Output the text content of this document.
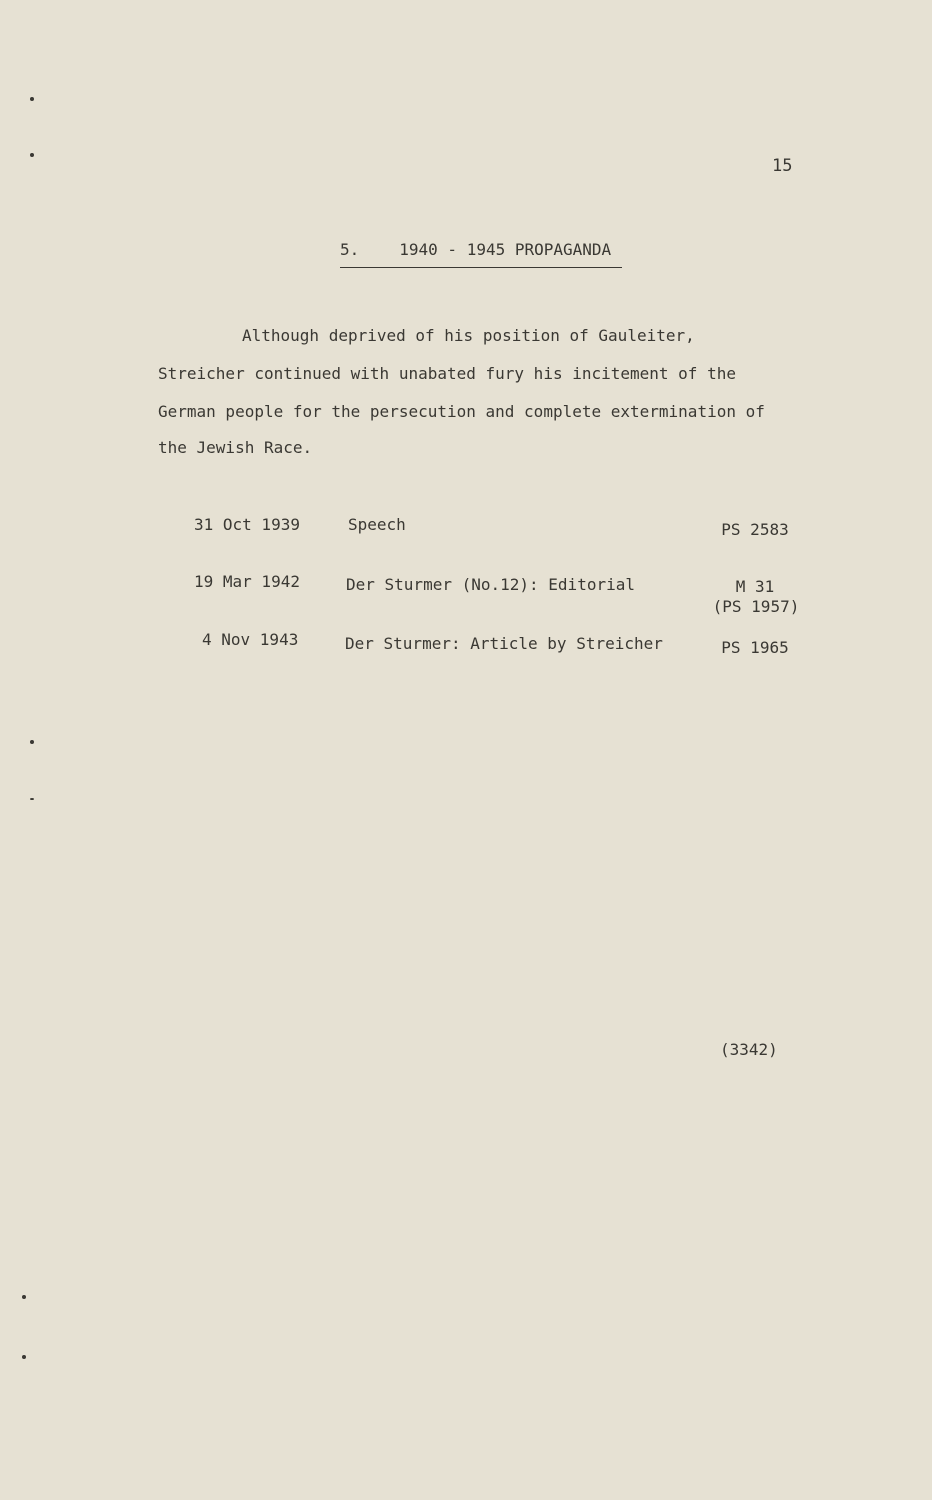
15
5.	1940 - 1945 PROPAGANDA
Although deprived of his position of Gauleiter,
Streicher continued with unabated fury his incitement of the
German people for the persecution and complete extermination of
the Jewish Race.
31 Oct 1939	Speech	PS 2583
19 Mar 1942	Der Sturmer (No.12): Editorial	M 31
(PS 1957)
4 Nov 1943	Der Sturmer: Article by Streicher	PS 1965
(3342)
